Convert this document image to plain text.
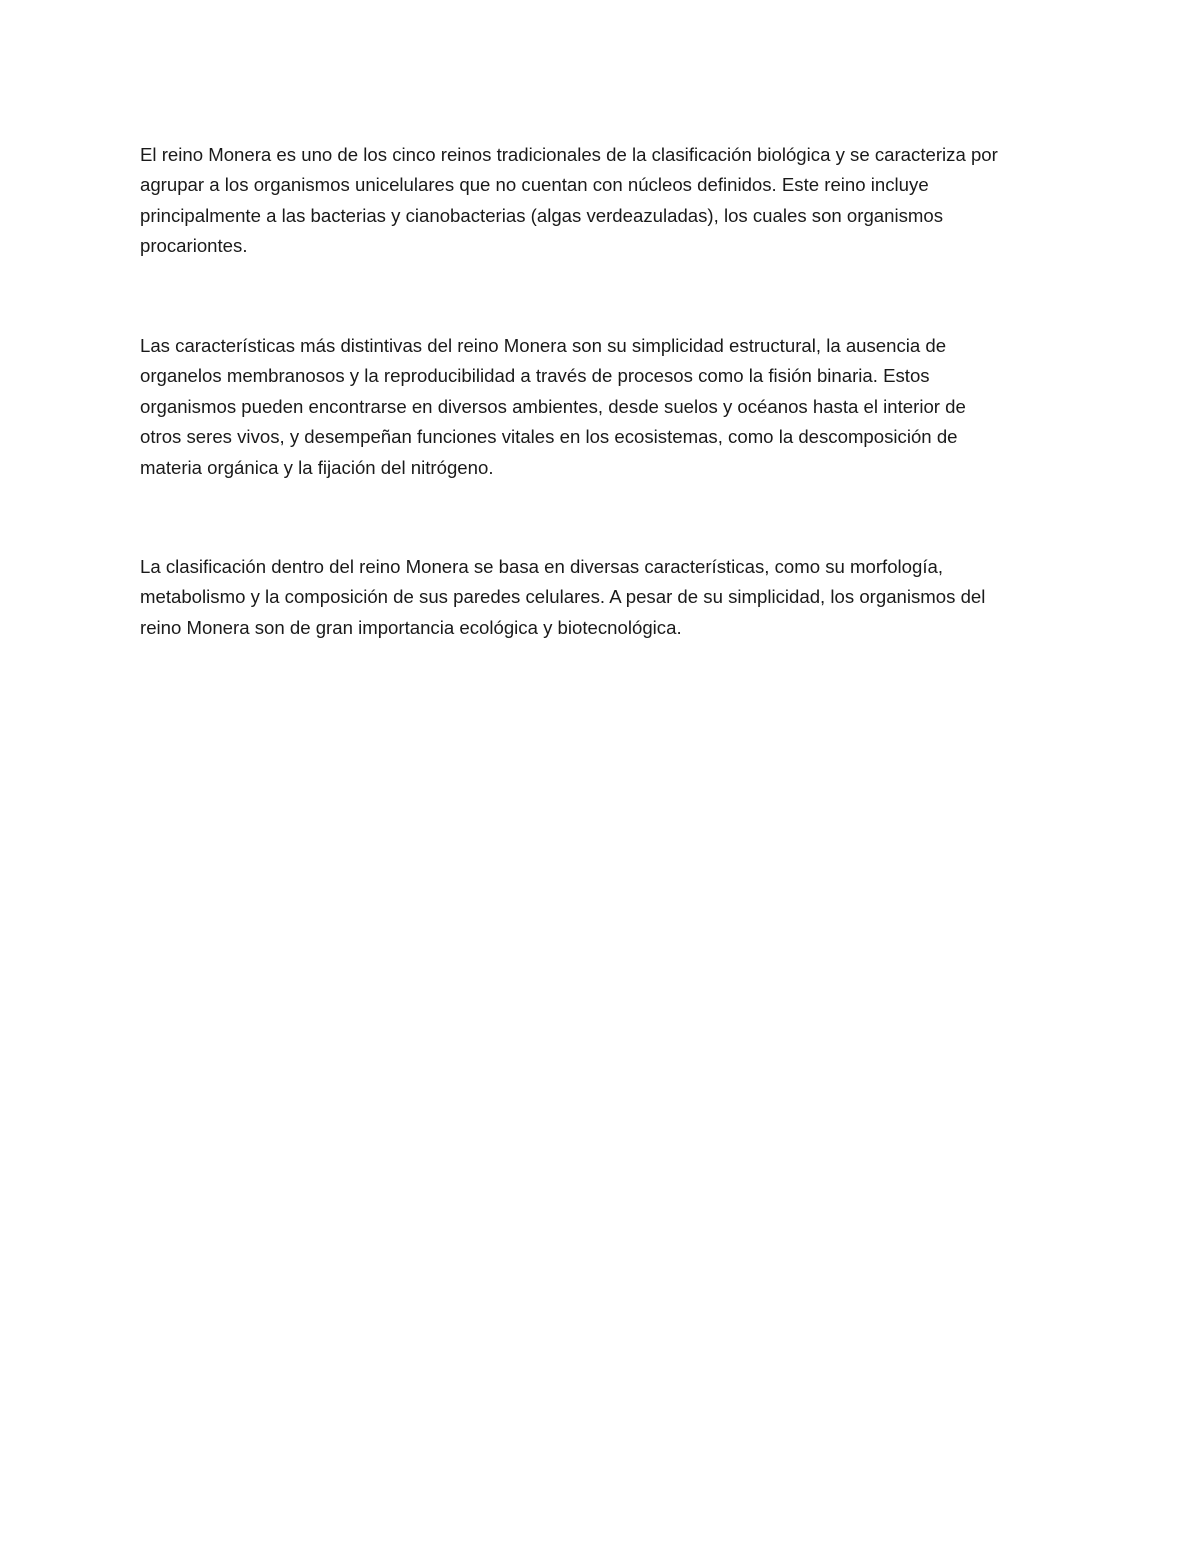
El reino Monera es uno de los cinco reinos tradicionales de la clasificación biológica y se caracteriza por
agrupar a los organismos unicelulares que no cuentan con núcleos definidos. Este reino incluye
principalmente a las bacterias y cianobacterias (algas verdeazuladas), los cuales son organismos
procariontes.

Las características más distintivas del reino Monera son su simplicidad estructural, la ausencia de
organelos membranosos y la reproducibilidad a través de procesos como la fisión binaria. Estos
organismos pueden encontrarse en diversos ambientes, desde suelos y océanos hasta el interior de
otros seres vivos, y desempeñan funciones vitales en los ecosistemas, como la descomposición de
materia orgánica y la fijación del nitrógeno.

La clasificación dentro del reino Monera se basa en diversas características, como su morfología,
metabolismo y la composición de sus paredes celulares. A pesar de su simplicidad, los organismos del
reino Monera son de gran importancia ecológica y biotecnológica.
